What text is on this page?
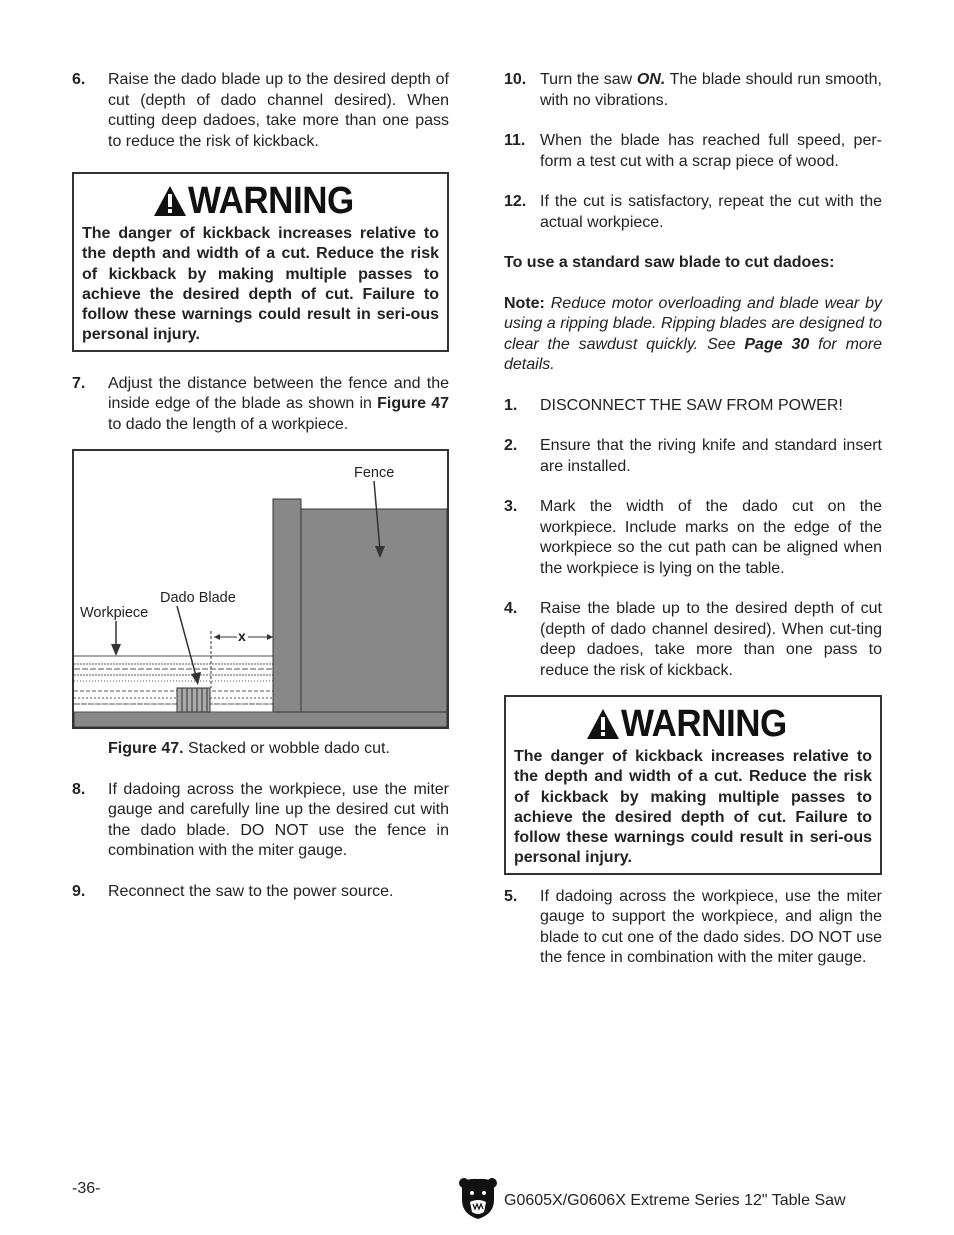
6.	Raise the dado blade up to the desired depth of cut (depth of dado channel desired). When cutting deep dadoes, take more than one pass to reduce the risk of kickback.
WARNING
The danger of kickback increases relative to the depth and width of a cut. Reduce the risk of kickback by making multiple passes to achieve the desired depth of cut. Failure to follow these warnings could result in seri-ous personal injury.
7.	Adjust the distance between the fence and the inside edge of the blade as shown in Figure 47 to dado the length of a workpiece.
Fence
Dado Blade
Workpiece
x
Figure 47. Stacked or wobble dado cut.
8.	If dadoing across the workpiece, use the miter gauge and carefully line up the desired cut with the dado blade. DO NOT use the fence in combination with the miter gauge.
9.	Reconnect the saw to the power source.
10. Turn the saw ON. The blade should run smooth, with no vibrations.
11. When the blade has reached full speed, per-form a test cut with a scrap piece of wood.
12. If the cut is satisfactory, repeat the cut with the actual workpiece.
To use a standard saw blade to cut dadoes:
Note: Reduce motor overloading and blade wear by using a ripping blade. Ripping blades are designed to clear the sawdust quickly. See Page 30 for more details.
1.	DISCONNECT THE SAW FROM POWER!
2.	Ensure that the riving knife and standard insert are installed.
3.	Mark the width of the dado cut on the workpiece. Include marks on the edge of the workpiece so the cut path can be aligned when the workpiece is lying on the table.
4.	Raise the blade up to the desired depth of cut (depth of dado channel desired). When cut-ting deep dadoes, take more than one pass to reduce the risk of kickback.
WARNING
The danger of kickback increases relative to the depth and width of a cut. Reduce the risk of kickback by making multiple passes to achieve the desired depth of cut. Failure to follow these warnings could result in seri-ous personal injury.
5.	If dadoing across the workpiece, use the miter gauge to support the workpiece, and align the blade to cut one of the dado sides. DO NOT use the fence in combination with the miter gauge.
-36-
G0605X/G0606X Extreme Series 12" Table Saw
